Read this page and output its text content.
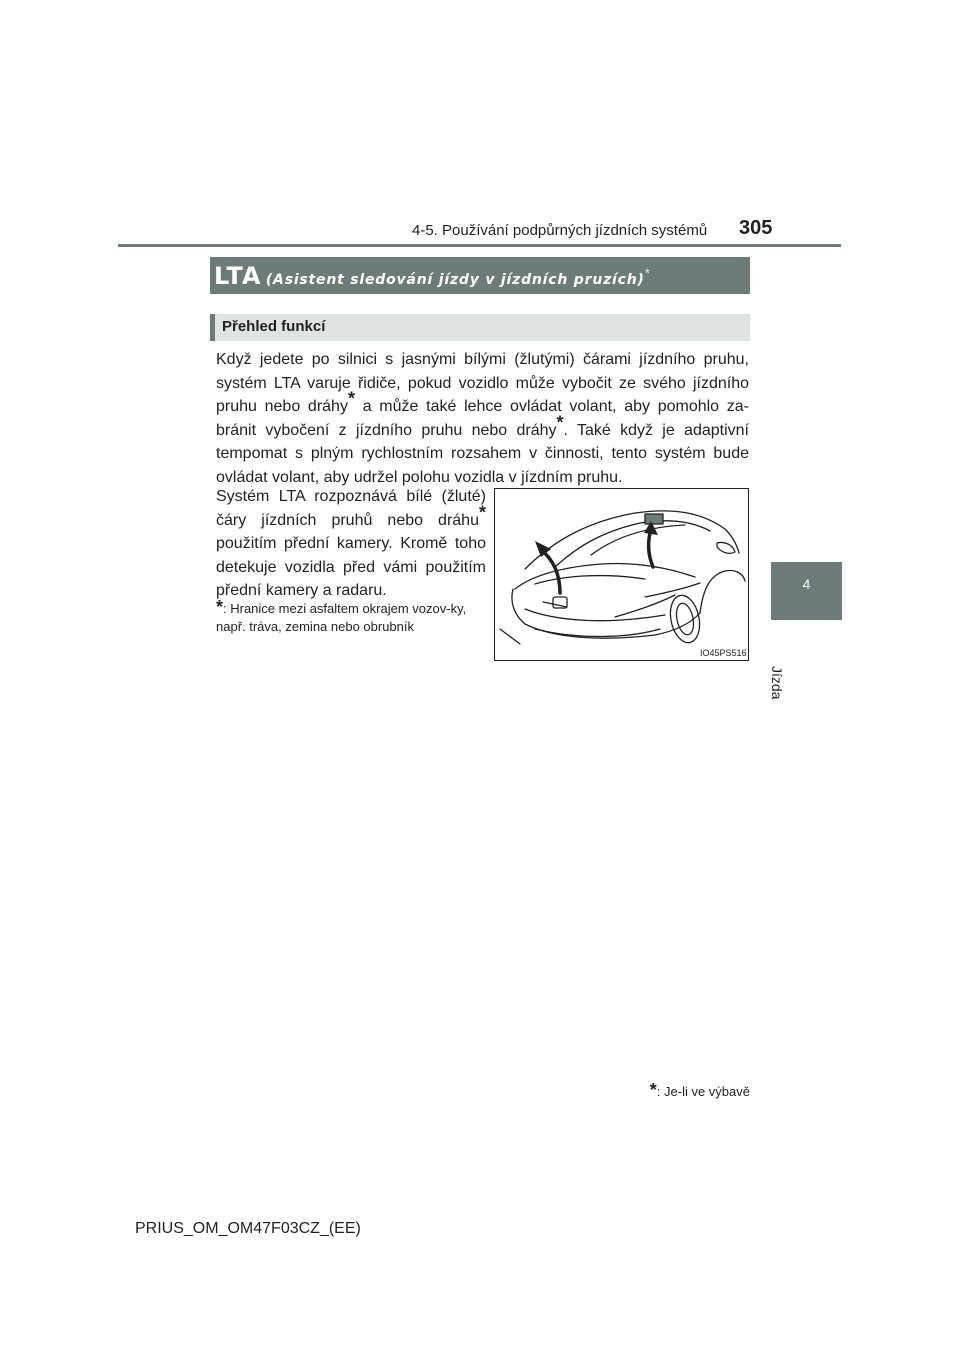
4-5. Používání podpůrných jízdních systémů 305
4
Jízda
LTA (Asistent sledování jízdy v jízdních pruzích)*
Přehled funkcí
Když jedete po silnici s jasnými bílými (žlutými) čárami jízdního pruhu, systém LTA varuje řidiče, pokud vozidlo může vybočit ze svého jízdního pruhu nebo dráhy* a může také lehce ovládat volant, aby pomohlo za-bránit vybočení z jízdního pruhu nebo dráhy*. Také když je adaptivní tempomat s plným rychlostním rozsahem v činnosti, tento systém bude ovládat volant, aby udržel polohu vozidla v jízdním pruhu.
Systém LTA rozpoznává bílé (žluté) čáry jízdních pruhů nebo dráhu* použitím přední kamery. Kromě toho detekuje vozidla před vámi použitím přední kamery a radaru.
*: Hranice mezi asfaltem okrajem vozov-ky, např. tráva, zemina nebo obrubník
IO45PS516
*: Je-li ve výbavě
PRIUS_OM_OM47F03CZ_(EE)
